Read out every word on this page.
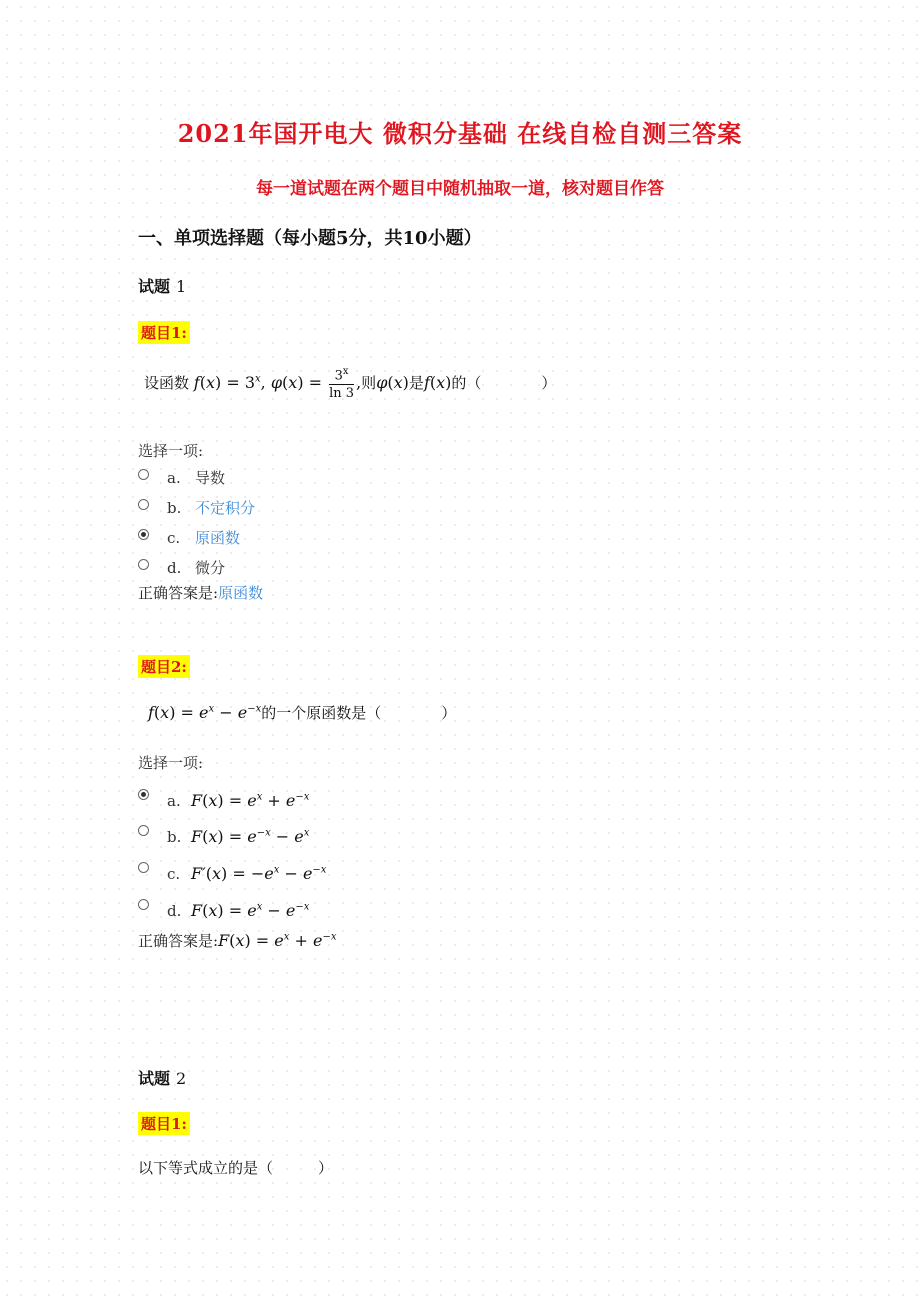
2021年国开电大 微积分基础 在线自检自测三答案
每一道试题在两个题目中随机抽取一道，核对题目作答
一、单项选择题（每小题5分，共10小题）
试题 1
题目1:
设函数 $f(x) = 3^x$, $\varphi(x) = \frac{3^x}{\ln 3}$ ,则φ(x)是f(x)的（　　　　）
选择一项:
a. 导数
b. 不定积分
c. 原函数
d. 微分
正确答案是:原函数
题目2:
$f(x) = e^x - e^{-x}$的一个原函数是（　　　　）
选择一项:
a. $F(x) = e^x + e^{-x}$
b. $F(x) = e^{-x} - e^x$
c. $F'(x) = -e^x - e^{-x}$
d. $F(x) = e^x - e^{-x}$
正确答案是:F(x) = $e^x + e^{-x}$
试题 2
题目1:
以下等式成立的是（　　　）
